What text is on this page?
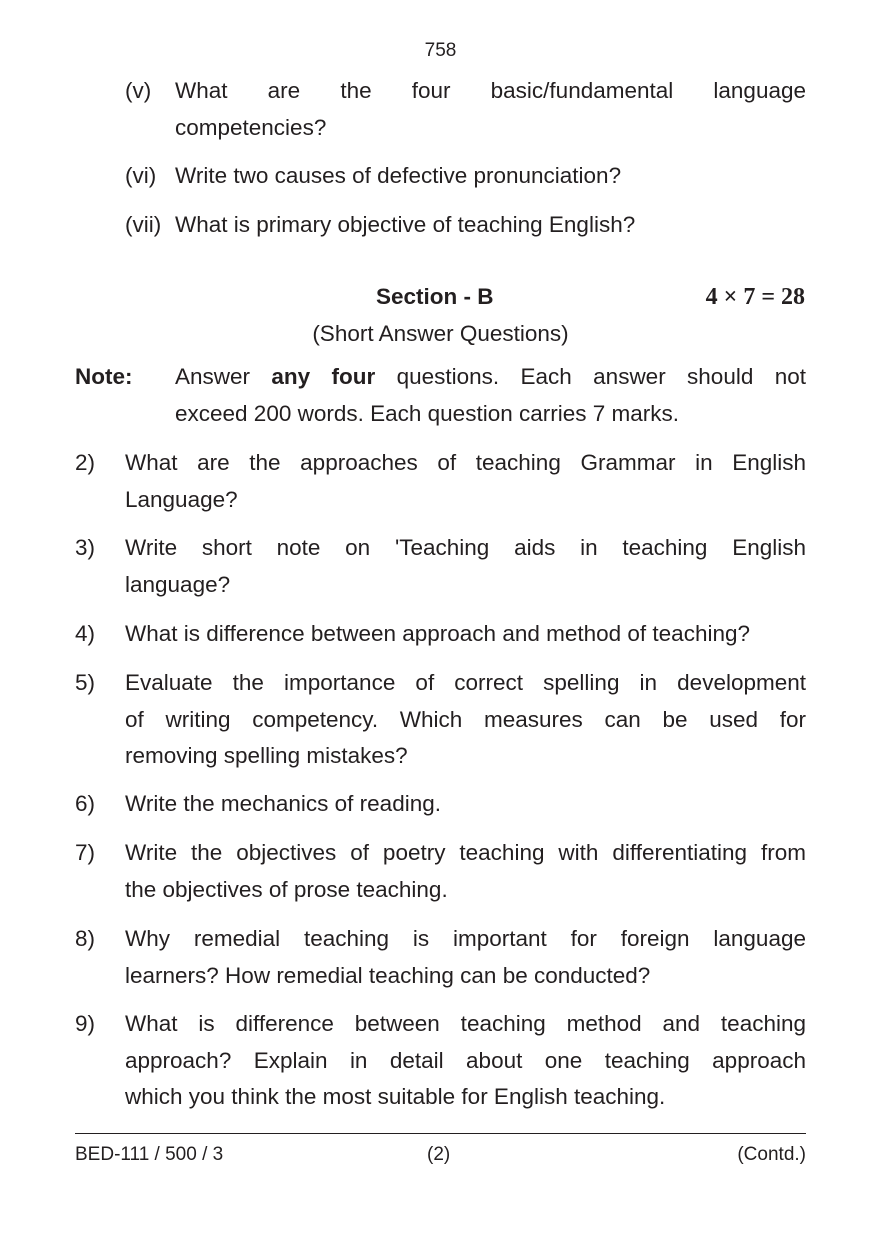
758
(v) What are the four basic/fundamental language
competencies?
(vi) Write two causes of defective pronunciation?
(vii) What is primary objective of teaching English?
Section - B	4 × 7 = 28
(Short Answer Questions)
Note: Answer any four questions. Each answer should not
exceed 200 words. Each question carries 7 marks.
2) What are the approaches of teaching Grammar in English
Language?
3) Write short note on 'Teaching aids in teaching English
language?
4) What is difference between approach and method of teaching?
5) Evaluate the importance of correct spelling in development
of writing competency. Which measures can be used for
removing spelling mistakes?
6) Write the mechanics of reading.
7) Write the objectives of poetry teaching with differentiating from
the objectives of prose teaching.
8) Why remedial teaching is important for foreign language
learners? How remedial teaching can be conducted?
9) What is difference between teaching method and teaching
approach? Explain in detail about one teaching approach
which you think the most suitable for English teaching.
BED-111 / 500 / 3	(2)	(Contd.)
